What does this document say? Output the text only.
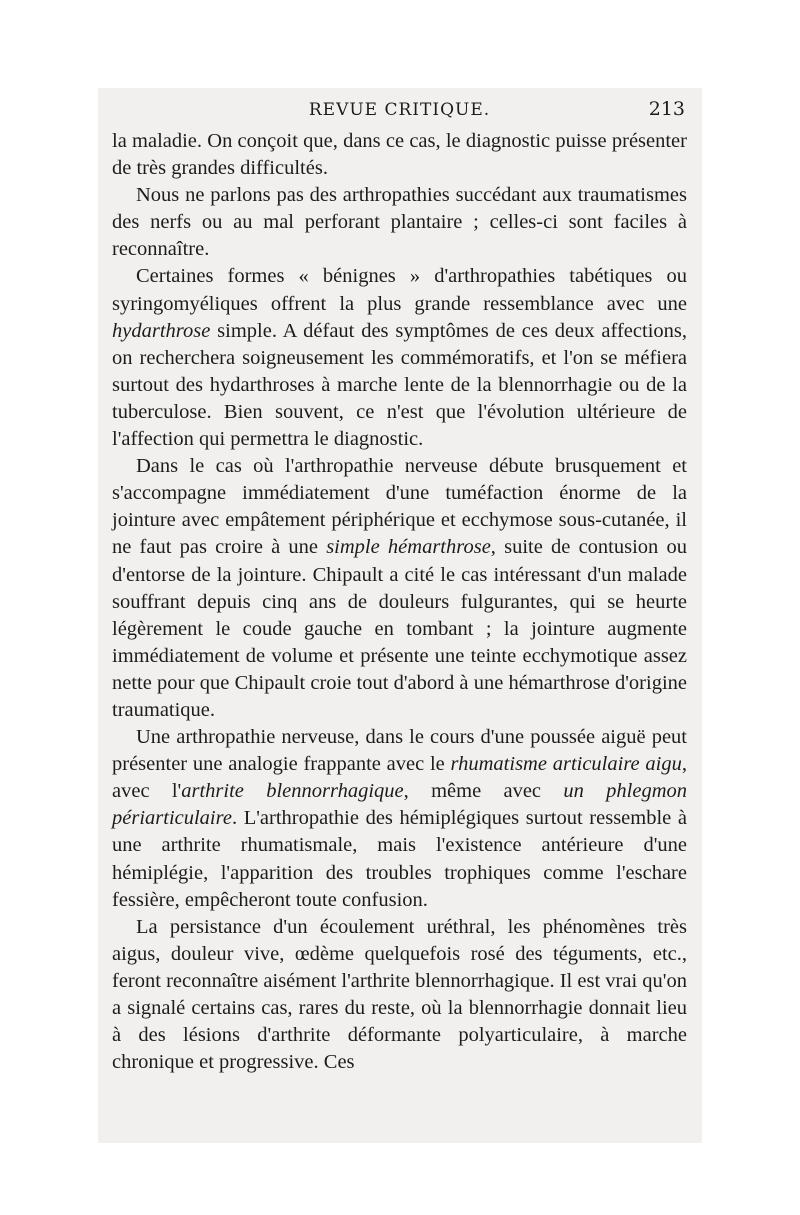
REVUE CRITIQUE.	213

la maladie. On conçoit que, dans ce cas, le diagnostic puisse présenter de très grandes difficultés.

Nous ne parlons pas des arthropathies succédant aux traumatismes des nerfs ou au mal perforant plantaire ; celles-ci sont faciles à reconnaître.

Certaines formes « bénignes » d'arthropathies tabétiques ou syringomyéliques offrent la plus grande ressemblance avec une hydarthrose simple. A défaut des symptômes de ces deux affections, on recherchera soigneusement les commémoratifs, et l'on se méfiera surtout des hydarthroses à marche lente de la blennorrhagie ou de la tuberculose. Bien souvent, ce n'est que l'évolution ultérieure de l'affection qui permettra le diagnostic.

Dans le cas où l'arthropathie nerveuse débute brusquement et s'accompagne immédiatement d'une tuméfaction énorme de la jointure avec empâtement périphérique et ecchymose sous-cutanée, il ne faut pas croire à une simple hémarthrose, suite de contusion ou d'entorse de la jointure. Chipault a cité le cas intéressant d'un malade souffrant depuis cinq ans de douleurs fulgurantes, qui se heurte légèrement le coude gauche en tombant ; la jointure augmente immédiatement de volume et présente une teinte ecchymotique assez nette pour que Chipault croie tout d'abord à une hémarthrose d'origine traumatique.

Une arthropathie nerveuse, dans le cours d'une poussée aiguë peut présenter une analogie frappante avec le rhumatisme articulaire aigu, avec l'arthrite blennorrhagique, même avec un phlegmon périarticulaire. L'arthropathie des hémiplégiques surtout ressemble à une arthrite rhumatismale, mais l'existence antérieure d'une hémiplégie, l'apparition des troubles trophiques comme l'eschare fessière, empêcheront toute confusion.

La persistance d'un écoulement uréthral, les phénomènes très aigus, douleur vive, œdème quelquefois rosé des téguments, etc., feront reconnaître aisément l'arthrite blennorrhagique. Il est vrai qu'on a signalé certains cas, rares du reste, où la blennorrhagie donnait lieu à des lésions d'arthrite déformante polyarticulaire, à marche chronique et progressive. Ces
